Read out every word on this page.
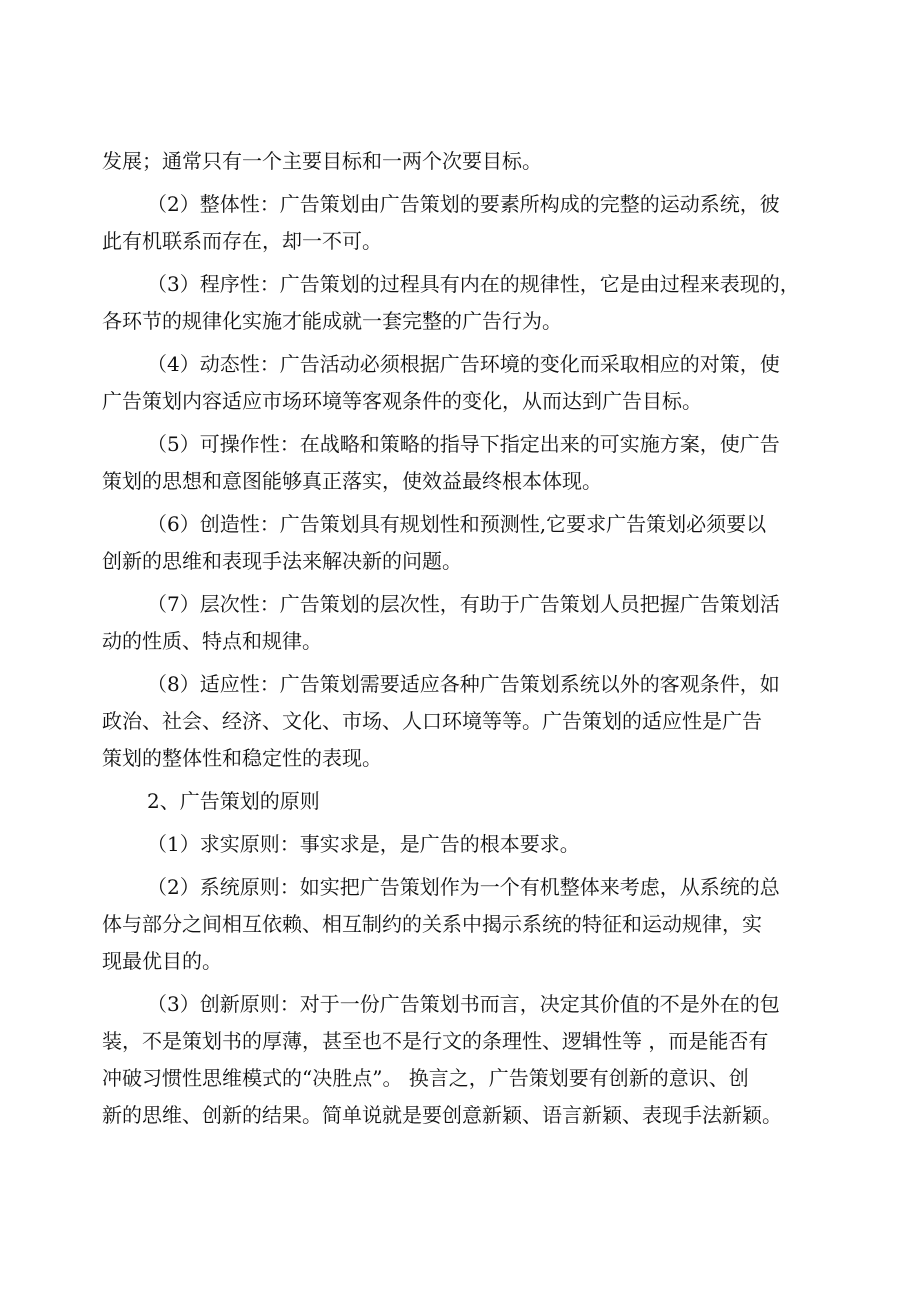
发展；通常只有一个主要目标和一两个次要目标。
（2）整体性：广告策划由广告策划的要素所构成的完整的运动系统，彼
此有机联系而存在，却一不可。
（3）程序性：广告策划的过程具有内在的规律性，它是由过程来表现的，
各环节的规律化实施才能成就一套完整的广告行为。
（4）动态性：广告活动必须根据广告环境的变化而采取相应的对策，使
广告策划内容适应市场环境等客观条件的变化，从而达到广告目标。
（5）可操作性：在战略和策略的指导下指定出来的可实施方案，使广告
策划的思想和意图能够真正落实，使效益最终根本体现。
（6）创造性：广告策划具有规划性和预测性,它要求广告策划必须要以
创新的思维和表现手法来解决新的问题。
（7）层次性：广告策划的层次性，有助于广告策划人员把握广告策划活
动的性质、特点和规律。
（8）适应性：广告策划需要适应各种广告策划系统以外的客观条件，如
政治、社会、经济、文化、市场、人口环境等等。广告策划的适应性是广告
策划的整体性和稳定性的表现。
2、广告策划的原则
（1）求实原则：事实求是，是广告的根本要求。
（2）系统原则：如实把广告策划作为一个有机整体来考虑，从系统的总
体与部分之间相互依赖、相互制约的关系中揭示系统的特征和运动规律，实
现最优目的。
（3）创新原则：对于一份广告策划书而言，决定其价值的不是外在的包
装，不是策划书的厚薄，甚至也不是行文的条理性、逻辑性等 ，而是能否有
冲破习惯性思维模式的“决胜点”。 换言之，广告策划要有创新的意识、创
新的思维、创新的结果。简单说就是要创意新颖、语言新颖、表现手法新颖。
